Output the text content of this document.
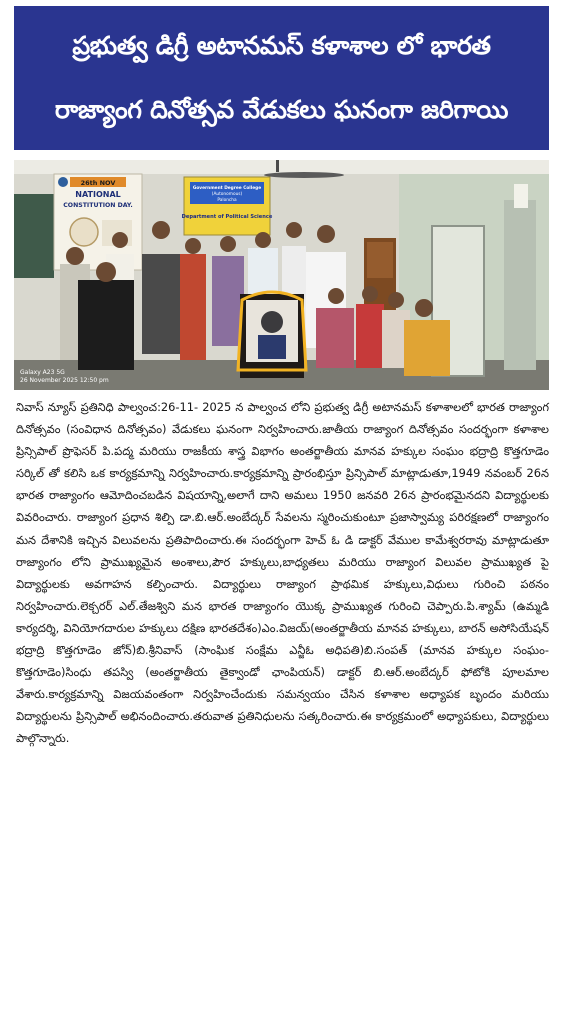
ప్రభుత్వ డిగ్రీ అటానమస్ కళాశాల లో భారత
రాజ్యాంగ దినోత్సవ వేడుకలు ఘనంగా జరిగాయి
26th NOV
NATIONAL
CONSTITUTION DAY.
Government Degree College
(Autonomous)
Paloncha
Department of Political Science
Galaxy A23 5G
26 November 2025 12:50 pm

నివాస్ న్యూస్ ప్రతినిధి పాల్వంచ:26-11- 2025 న పాల్వంచ లోని ప్రభుత్వ డిగ్రీ అటానమస్ కళాశాలలో భారత రాజ్యాంగ దినోత్సవం (సంవిధాన దినోత్సవం) వేడుకలు ఘనంగా నిర్వహించారు.జాతీయ రాజ్యాంగ దినోత్సవం సందర్భంగా కళాశాల ప్రిన్సిపాల్ ప్రొఫెసర్ పి.పద్మ మరియు రాజకీయ శాస్త్ర విభాగం అంతర్జాతీయ మానవ హక్కుల సంఘం భద్రాద్రి కొత్తగూడెం సర్కిల్ తో కలిసి ఒక కార్యక్రమాన్ని నిర్వహించారు.కార్యక్రమాన్ని ప్రారంభిస్తూ ప్రిన్సిపాల్ మాట్లాడుతూ,1949 నవంబర్ 26న భారత రాజ్యాంగం ఆమోదించబడిన విషయాన్ని,అలాగే దాని అమలు 1950 జనవరి 26న ప్రారంభమైనదని విద్యార్థులకు వివరించారు. రాజ్యాంగ ప్రధాన శిల్పి డా.బి.ఆర్.అంబేద్కర్ సేవలను స్మరించుకుంటూ ప్రజాస్వామ్య పరిరక్షణలో రాజ్యాంగం మన దేశానికి ఇచ్చిన విలువలను ప్రతిపాదించారు.ఈ సందర్భంగా హెచ్ ఓ డి డాక్టర్ వేముల కామేశ్వరరావు మాట్లాడుతూ రాజ్యాంగం లోని ప్రాముఖ్యమైన అంశాలు,పౌర హక్కులు,బాధ్యతలు మరియు రాజ్యాంగ విలువల ప్రాముఖ్యత పై విద్యార్థులకు అవగాహన కల్పించారు. విద్యార్థులు రాజ్యాంగ ప్రాథమిక హక్కులు,విధులు గురించి పఠనం నిర్వహించారు.లెక్చరర్ ఎల్.తేజశ్విని మన భారత రాజ్యాంగం యొక్క ప్రాముఖ్యత గురించి చెప్పారు.పి.శ్యామ్ (ఉమ్మడి కార్యదర్శి, వినియోగదారుల హక్కులు దక్షిణ భారతదేశం)ఎం.విజయ్(అంతర్జాతీయ మానవ హక్కులు, బారన్ అసోసియేషన్ భద్రాద్రి కొత్తగూడెం జోన్)బి.శ్రీనివాస్ (సాంఘిక సంక్షేమ ఎన్జీఓ అధిపతి)బి.సంపత్ (మానవ హక్కుల సంఘం-కొత్తగూడెం)సింధు తపస్వి (అంతర్జాతీయ తైక్వాండో ఛాంపియన్) డాక్టర్ బి.ఆర్.అంబేద్కర్ ఫోటోకి పూలమాల వేశారు.కార్యక్రమాన్ని విజయవంతంగా నిర్వహించేందుకు సమన్వయం చేసిన కళాశాల అధ్యాపక బృందం మరియు విద్యార్థులను ప్రిన్సిపాల్ అభినందించారు.తరువాత ప్రతినిధులను సత్కరించారు.ఈ కార్యక్రమంలో అధ్యాపకులు, విద్యార్థులు పాల్గొన్నారు.
